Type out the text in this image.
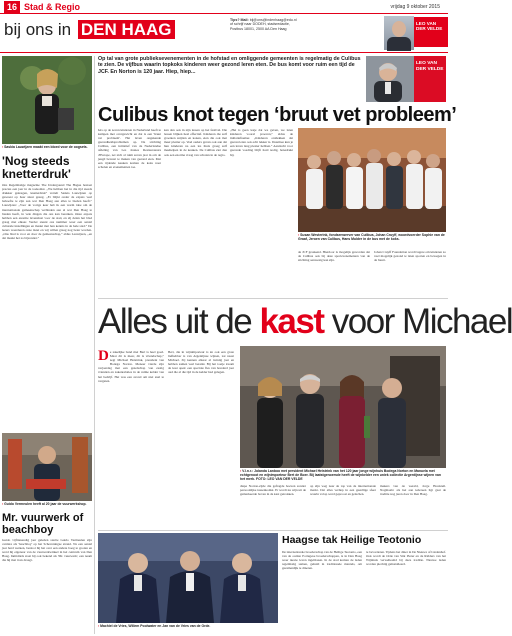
16 Stad & Regio	vrijdag 9 oktober 2015
bij ons in DEN HAAG	Tips? Mail: bij@ons@indenhaag@edu.nl
of schrijf naar DODEH, stadsredactie,
Postbus 18001, 2500 AA Den Haag
LEO VAN DER VELDE
▪ Saskia Lauwijzen maakt een bloed voor de oogsets.
'Nog steeds knetterdruk'
Ons Regelmatige magazine The Undergound The Hague bestaat precies een jaar in de toekomst. „We hebben het in die tijd steeds drukker gekregen, knetterdruk” vertelt Saskia Lauwijzen op geweest op haar stuur gezeg. „Er blijkt onder de expats veel behoefte te zijn aan wat Den Haag aan alles te bieden heeft.” Lauwijzen: „Voor de vorige keer heb ik een warm idee om de internationale gemeenschap verbinden aan al wat Den Haag te bieden heeft, in vele dingen die ons kan bereiken. Onze expats hebben een enorme levenslust voor de stad, en zij delen het blad graag met elkaar. Verder steunt ons nummer weer een aantal culturele instellingen en maakt met hen kennis in de hele stad.” De lezers waarderen onze inzet en wij willen graag nog beter worden. „Ons blad is voor en door de gemeenschap,” aldus Lauwijzen, „en dat maakt het zo bijzonder.”
▪ Guido Vermeulen heeft al 20 jaar de vuurwerkshop.
Mr. vuurwerk of beachboy
Guido vijftienendig jaar geleden startte Guido Vermeulen zijn carrière als 'beachboy' op het Scheveningse strand. Na een aantal jaar hard werken, besloot hij het over een andere boeg te gooien en werd hij eigenaar van de vuurwerkwinkel in het centrum van Den Haag. Inmiddels staat hij ook bekend als 'Mr. vuurwerk', een naam die hij met trots draagt.
Op tal van grote publieksevenementen in de hofstad en omliggende gemeenten is regelmatig de Culibus te zien. De vijfbus waarin topkoks kinderen weer gezond leren eten. De bus komt voor ruim een tijd de JCF. En Norton is 120 jaar. Hiep, hiep...
LEO VAN DER VELDE
Culibus knot tegen ‘bruut vet probleem’
Iets op de zeven kinderen in Nederland heeft te kampen met overgewicht en dat is een 'bruut vet probleem'. Het leven ongekende gezondheidsproblemen op. De stichting Culibus, een initiatief van de Nederlandse afdeling van Les Jeunes Restaurateurs d'Europe, zet zich al ruim zeven jaar in om de jeugd bewust te maken van gezond eten. Met een rijdende keuken komen de koks naar scholen en evenementen toe.
kan dan ook in zijn lessen op het festival. Die lessen blijken heel effectief. Kinderen die zelf groenten snijden en koken, eten die ook met meer plezier op. Veel ouders geven ook aan dat hun kinderen na een les thuis graag zelf meehelpen in de keuken. De Culibus ziet dan ook een enorme vraag van scholen in de regio.
„Het is geen lesje dat we geven, we laten kinderen vooral proeven,” aldus de initiatiefnemer. „Kinderen ontdekken dat gezond eten ook echt lekker is. Daarmee kun je een leven lang plezier hebben.” Aandacht voor gezonde voeding blijft hard nodig, benadrukt hij.
▪ Susan Westerink, fondsenwerver van Culibus, Johan Cruyff, woordvoerder Sophie van de Graaf, Jeroen van Culibus, Hans Mulder in de bus met de koks.
de JCF graakend. Hierdoor is mogelijk geworden dat de Culibus ook bij deze sportevenementen van de stichting aanwezig kan zijn.
Johan Cruyff Foundation wordt lagere om kinderen zo veel mogelijk gezond te laten sporten en bewegen in de buurt.
Alles uit de kast voor Michael
De zakelijke band met Bert is heel goed. Maar dit is meer, dit is vriendschap,” zegt Michael Heistrink, president van Bodega Norton. Meneer vierde zijn verjaardag met een gezelschap van zestig vrienden en zakenrelaties in de ruime kelder van het bedrijf. Het was een avond om niet snel te vergeten.
Bert, die in wijnimporteur is én ook een grote liefhebber is van Argentijnse wijnen, zat naast Michael. Zij kennen elkaar al twintig jaar en hebben samen veel bereikt. Bij het toetje kwam de kast open: een speciale fles van honderd jaar oud die al die tijd in de kelder had gelegen.
▪ V.l.n.r.: Jolanda Lanboo met president Michael Heistrink van het 120 jaar jonge wijnhuis Bodega Norton en Manuela met echtgenoot en wijnimporteur Bert de Boer. Bij laatstgenoemde heeft de wijnkelder een uniek collectie Argentijnse wijnen van het merk. FOTO: LEO VAN DER VELDE
diepe Norton-zijde die gefragde hoeven zonder persoonlijke tussenkomst. Er wordt nu wijn uit de gemarkeerde boven in de kast getrokken.
op zijn weg naar de top van de internationale markt. Dat alles verliep in een gezellige sfeer waarin volop werd geproost en gelachen.
makers van de wereld, Jorge Houtsteil. Nogmaals: als het aan iedereen ligt gaat de traditie nog jaren door in Den Haag.
▪ Machiel de Vries, Willem Poolwater en Jan van de Vries van de Orde.
Haagse tak Heilige Teotonio
De internationale broederschap van de Heilige Teotonio, een van de oudste Portugese broederschappen, is in Den Haag weer nieuw leven ingeblazen. In de stad komen de leden regelmatig samen, gehuld in traditionele mantels, om gezamenlijk te dineren.
te bevorderen. Tijdens het diner in De Nieuwe of Lindenhof. Ook wordt de Orde van Sint Pieter en de Ridders van het Wijnhuis verwelkomd bij deze traditie. Nieuwe leden worden plechtig geïnstalleerd.
